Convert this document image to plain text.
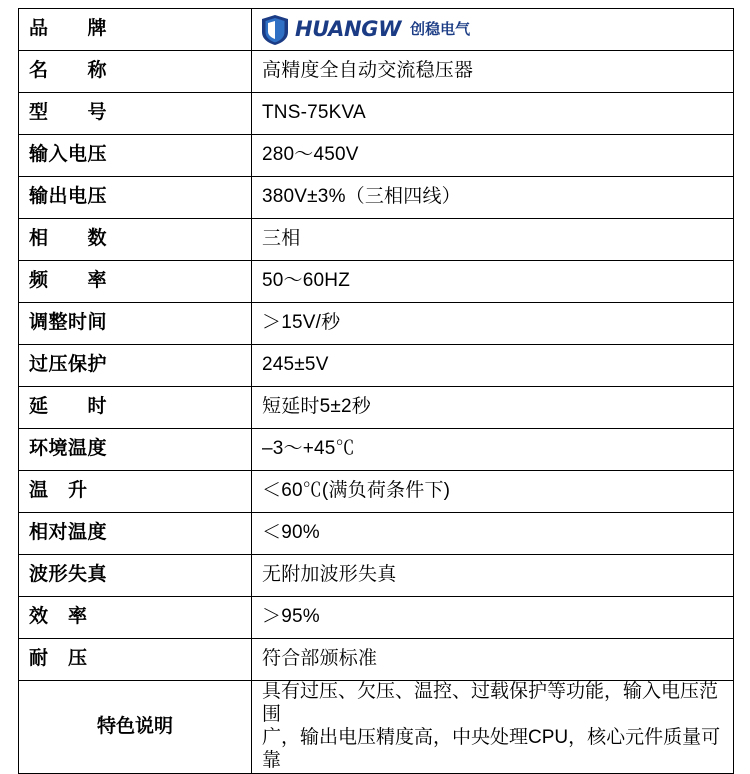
品　　牌	HUANGW 创稳电气

名　　称	高精度全自动交流稳压器
型　　号	TNS-75KVA
输入电压	280～450V
输出电压	380V±3%（三相四线）
相　　数	三相
频　　率	50～60HZ
调整时间	＞15V/秒
过压保护	245±5V
延　　时	短延时5±2秒
环境温度	–3～+45℃
温　升	＜60℃(满负荷条件下)
相对温度	＜90%
波形失真	无附加波形失真
效　率	＞95%
耐　压	符合部颁标准
特色说明	具有过压、欠压、温控、过载保护等功能，输入电压范围
广，输出电压精度高，中央处理CPU，核心元件质量可靠
